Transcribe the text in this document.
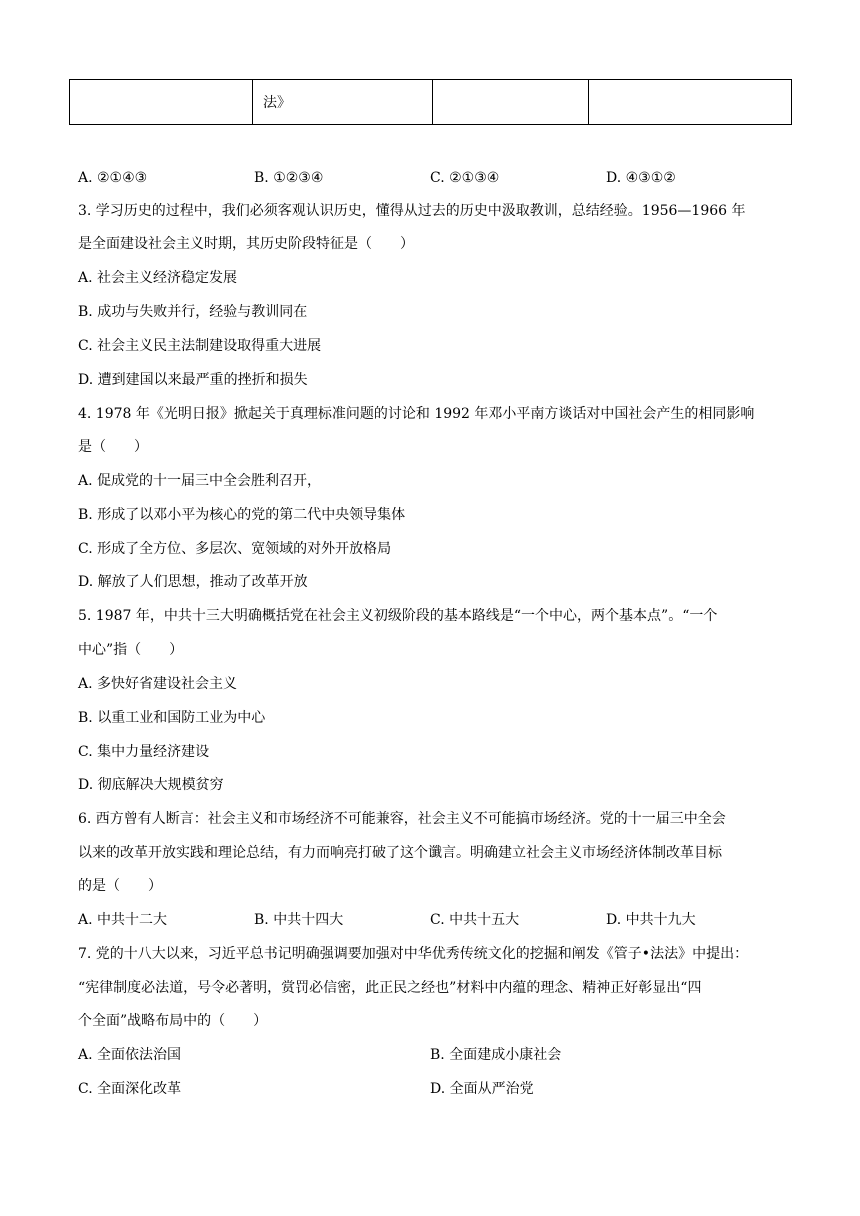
	法》		
A. ②①④③	B. ①②③④	C. ②①③④	D. ④③①②
3. 学习历史的过程中，我们必须客观认识历史，懂得从过去的历史中汲取教训，总结经验。1956—1966 年
是全面建设社会主义时期，其历史阶段特征是（　　）
A. 社会主义经济稳定发展
B. 成功与失败并行，经验与教训同在
C. 社会主义民主法制建设取得重大进展
D. 遭到建国以来最严重的挫折和损失
4. 1978 年《光明日报》掀起关于真理标准问题的讨论和 1992 年邓小平南方谈话对中国社会产生的相同影响
是（　　）
A. 促成党的十一届三中全会胜利召开，
B. 形成了以邓小平为核心的党的第二代中央领导集体
C. 形成了全方位、多层次、宽领域的对外开放格局
D. 解放了人们思想，推动了改革开放
5. 1987 年，中共十三大明确概括党在社会主义初级阶段的基本路线是“一个中心，两个基本点”。“一个
中心”指（　　）
A. 多快好省建设社会主义
B. 以重工业和国防工业为中心
C. 集中力量经济建设
D. 彻底解决大规模贫穷
6. 西方曾有人断言：社会主义和市场经济不可能兼容，社会主义不可能搞市场经济。党的十一届三中全会
以来的改革开放实践和理论总结，有力而响亮打破了这个谶言。明确建立社会主义市场经济体制改革目标
的是（　　）
A. 中共十二大	B. 中共十四大	C. 中共十五大	D. 中共十九大
7. 党的十八大以来，习近平总书记明确强调要加强对中华优秀传统文化的挖掘和阐发《管子•法法》中提出：
“宪律制度必法道，号令必著明，赏罚必信密，此正民之经也”材料中内蕴的理念、精神正好彰显出“四
个全面”战略布局中的（　　）
A. 全面依法治国	B. 全面建成小康社会
C. 全面深化改革	D. 全面从严治党
